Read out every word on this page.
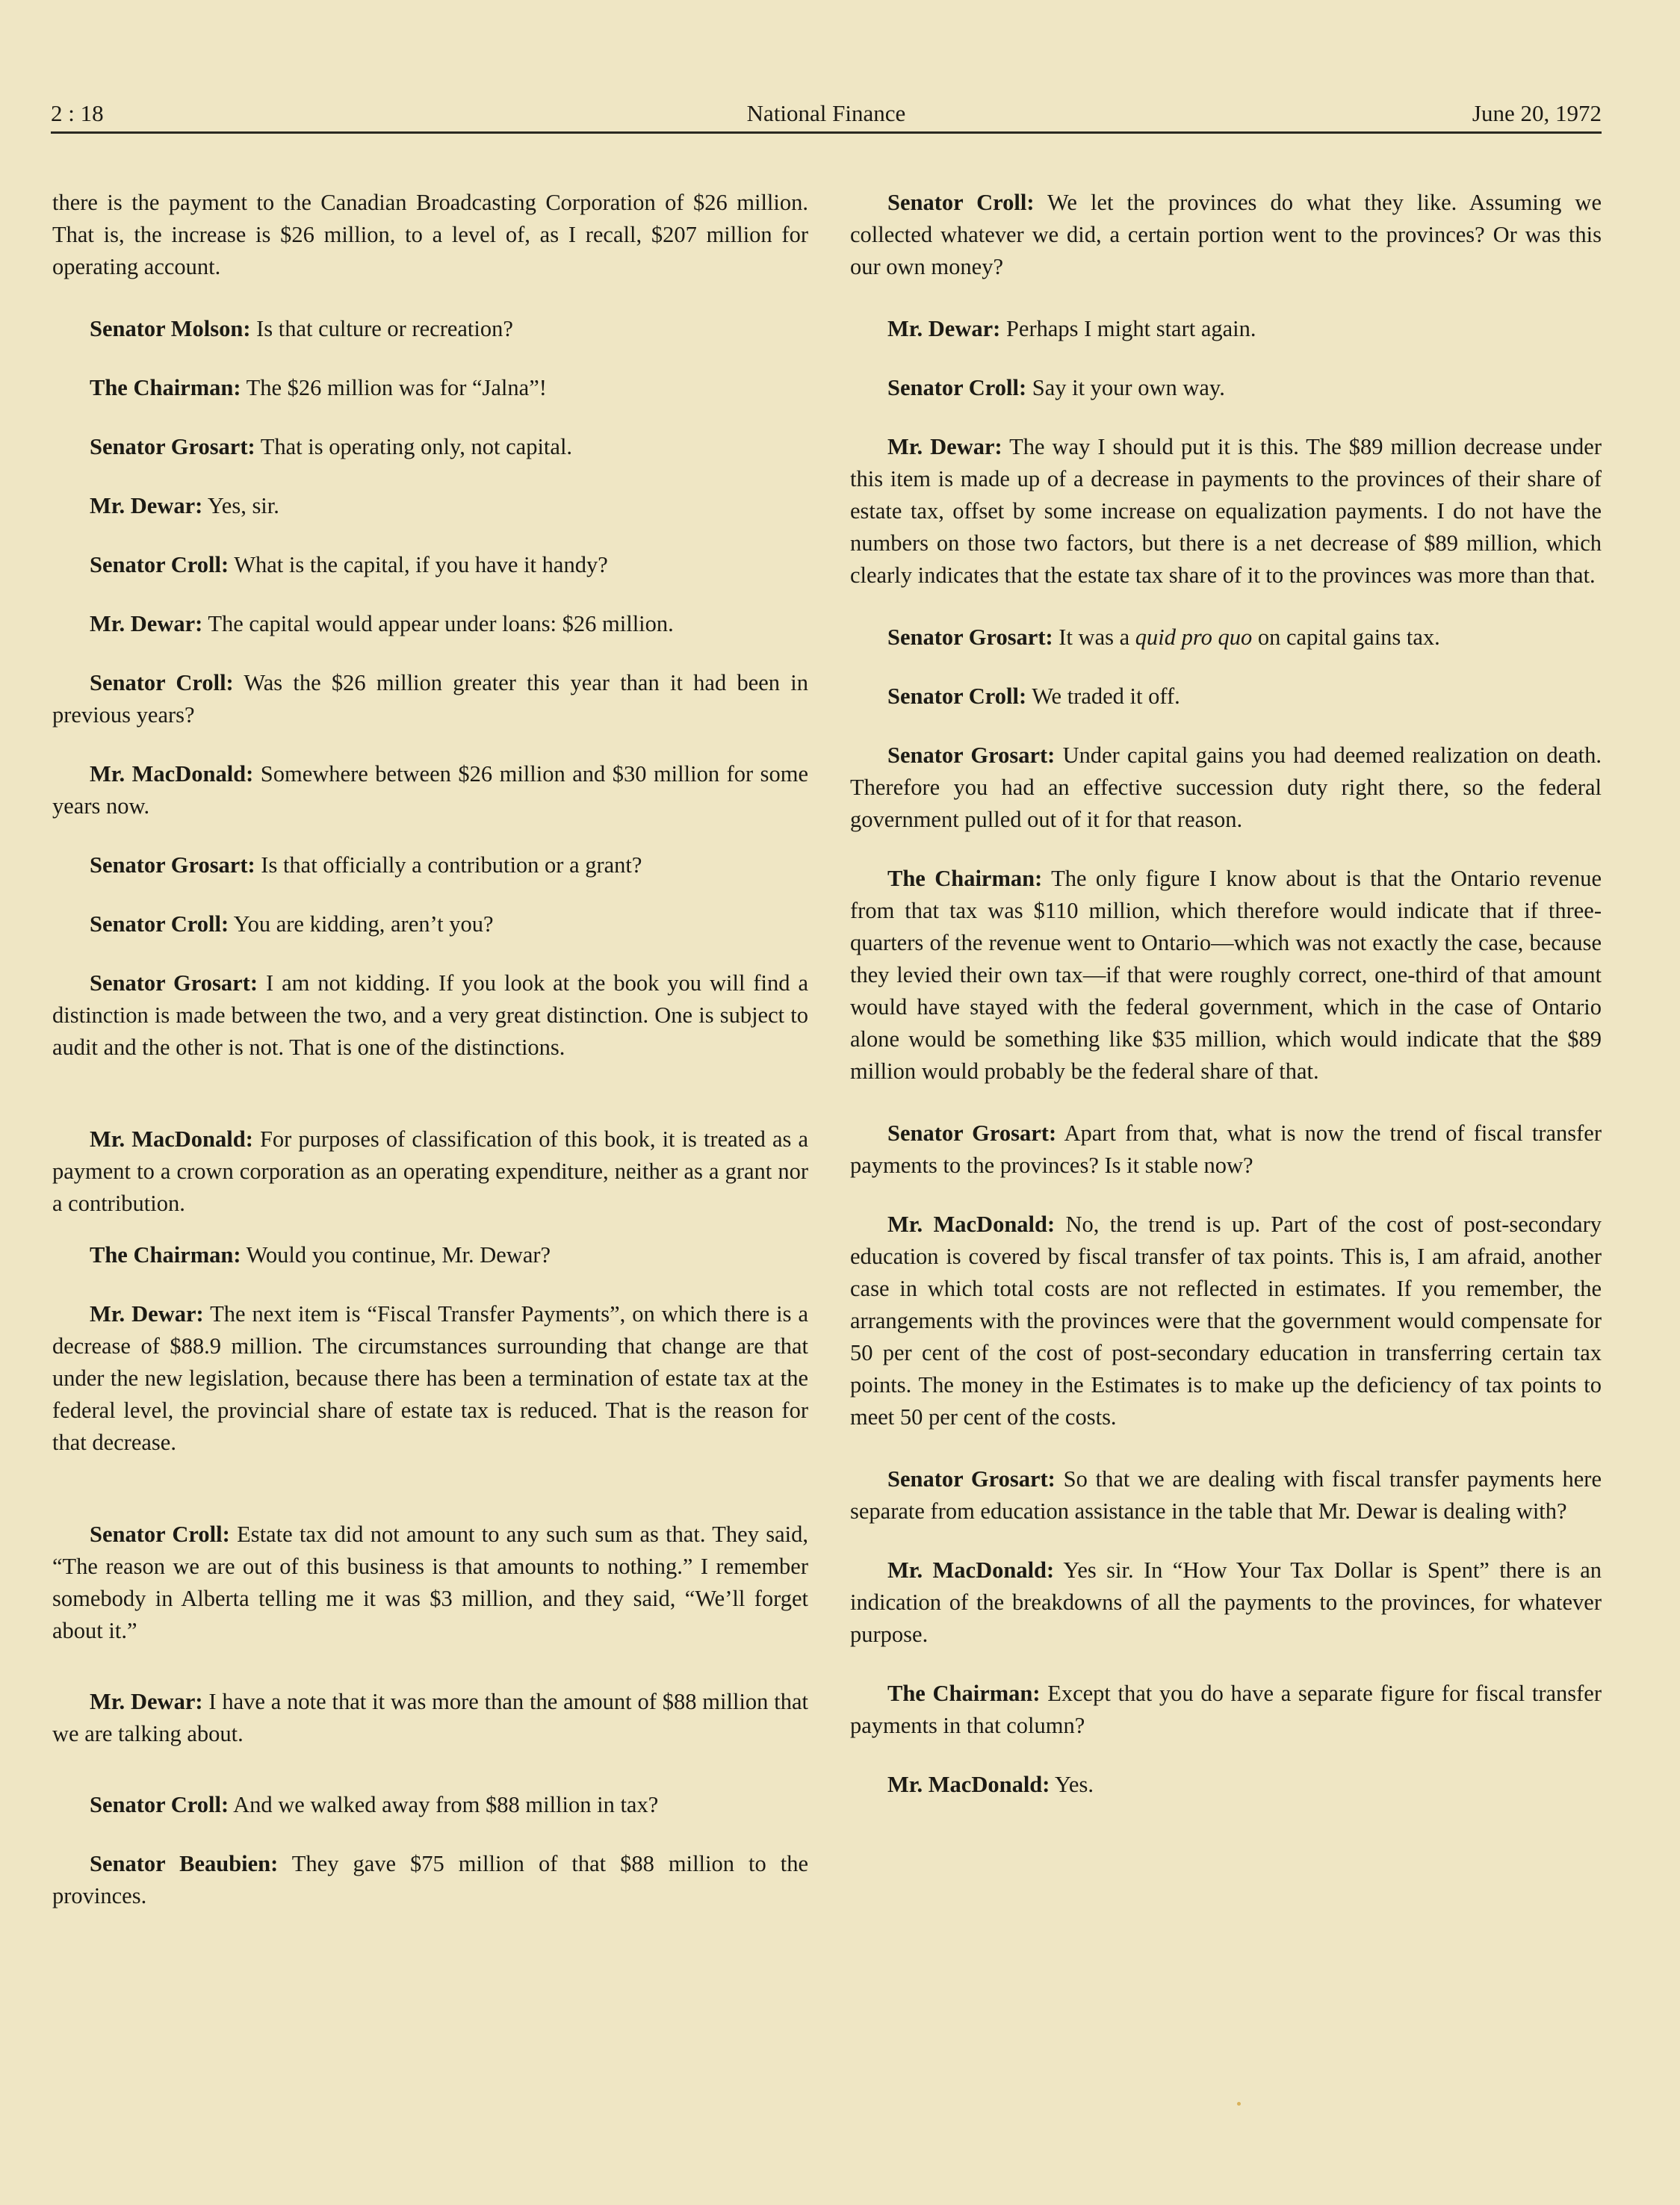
2 : 18	National Finance	June 20, 1972

there is the payment to the Canadian Broadcasting Corporation of $26 million. That is, the increase is $26 million, to a level of, as I recall, $207 million for operating account.

Senator Molson: Is that culture or recreation?

The Chairman: The $26 million was for “Jalna”!

Senator Grosart: That is operating only, not capital.

Mr. Dewar: Yes, sir.

Senator Croll: What is the capital, if you have it handy?

Mr. Dewar: The capital would appear under loans: $26 million.

Senator Croll: Was the $26 million greater this year than it had been in previous years?

Mr. MacDonald: Somewhere between $26 million and $30 million for some years now.

Senator Grosart: Is that officially a contribution or a grant?

Senator Croll: You are kidding, aren’t you?

Senator Grosart: I am not kidding. If you look at the book you will find a distinction is made between the two, and a very great distinction. One is subject to audit and the other is not. That is one of the distinctions.

Mr. MacDonald: For purposes of classification of this book, it is treated as a payment to a crown corporation as an operating expenditure, neither as a grant nor a contribution.

The Chairman: Would you continue, Mr. Dewar?

Mr. Dewar: The next item is “Fiscal Transfer Payments”, on which there is a decrease of $88.9 million. The circumstances surrounding that change are that under the new legislation, because there has been a termination of estate tax at the federal level, the provincial share of estate tax is reduced. That is the reason for that decrease.

Senator Croll: Estate tax did not amount to any such sum as that. They said, “The reason we are out of this business is that amounts to nothing.” I remember somebody in Alberta telling me it was $3 million, and they said, “We’ll forget about it.”

Mr. Dewar: I have a note that it was more than the amount of $88 million that we are talking about.

Senator Croll: And we walked away from $88 million in tax?

Senator Beaubien: They gave $75 million of that $88 million to the provinces.

Senator Croll: We let the provinces do what they like. Assuming we collected whatever we did, a certain portion went to the provinces? Or was this our own money?

Mr. Dewar: Perhaps I might start again.

Senator Croll: Say it your own way.

Mr. Dewar: The way I should put it is this. The $89 million decrease under this item is made up of a decrease in payments to the provinces of their share of estate tax, offset by some increase on equalization payments. I do not have the numbers on those two factors, but there is a net decrease of $89 million, which clearly indicates that the estate tax share of it to the provinces was more than that.

Senator Grosart: It was a quid pro quo on capital gains tax.

Senator Croll: We traded it off.

Senator Grosart: Under capital gains you had deemed realization on death. Therefore you had an effective succession duty right there, so the federal government pulled out of it for that reason.

The Chairman: The only figure I know about is that the Ontario revenue from that tax was $110 million, which therefore would indicate that if three-quarters of the revenue went to Ontario—which was not exactly the case, because they levied their own tax—if that were roughly correct, one-third of that amount would have stayed with the federal government, which in the case of Ontario alone would be something like $35 million, which would indicate that the $89 million would probably be the federal share of that.

Senator Grosart: Apart from that, what is now the trend of fiscal transfer payments to the provinces? Is it stable now?

Mr. MacDonald: No, the trend is up. Part of the cost of post-secondary education is covered by fiscal transfer of tax points. This is, I am afraid, another case in which total costs are not reflected in estimates. If you remember, the arrangements with the provinces were that the government would compensate for 50 per cent of the cost of post-secondary education in transferring certain tax points. The money in the Estimates is to make up the deficiency of tax points to meet 50 per cent of the costs.

Senator Grosart: So that we are dealing with fiscal transfer payments here separate from education assistance in the table that Mr. Dewar is dealing with?

Mr. MacDonald: Yes sir. In “How Your Tax Dollar is Spent” there is an indication of the breakdowns of all the payments to the provinces, for whatever purpose.

The Chairman: Except that you do have a separate figure for fiscal transfer payments in that column?

Mr. MacDonald: Yes.
